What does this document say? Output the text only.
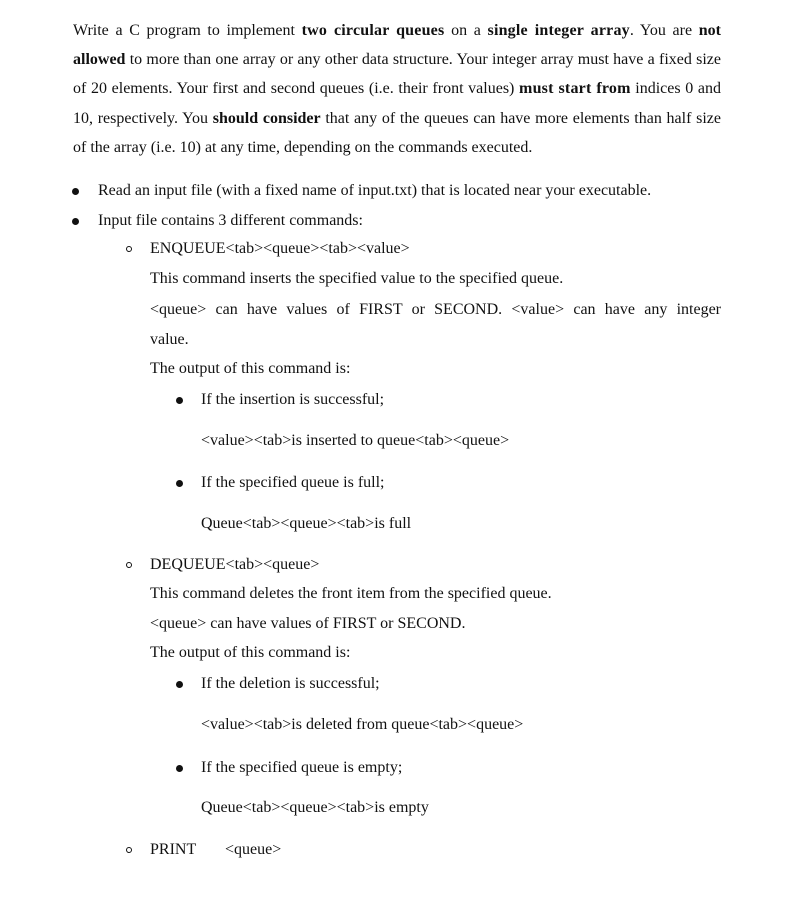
Write a C program to implement two circular queues on a single integer array. You are not allowed to more than one array or any other data structure. Your integer array must have a fixed size of 20 elements. Your first and second queues (i.e. their front values) must start from indices 0 and 10, respectively. You should consider that any of the queues can have more elements than half size of the array (i.e. 10) at any time, depending on the commands executed.

Read an input file (with a fixed name of input.txt) that is located near your executable.
Input file contains 3 different commands:
ENQUEUE<tab><queue><tab><value>
This command inserts the specified value to the specified queue.
<queue> can have values of FIRST or SECOND. <value> can have any integer
value.
The output of this command is:
If the insertion is successful;
<value><tab>is inserted to queue<tab><queue>
If the specified queue is full;
Queue<tab><queue><tab>is full
DEQUEUE<tab><queue>
This command deletes the front item from the specified queue.
<queue> can have values of FIRST or SECOND.
The output of this command is:
If the deletion is successful;
<value><tab>is deleted from queue<tab><queue>
If the specified queue is empty;
Queue<tab><queue><tab>is empty
PRINT <queue>
